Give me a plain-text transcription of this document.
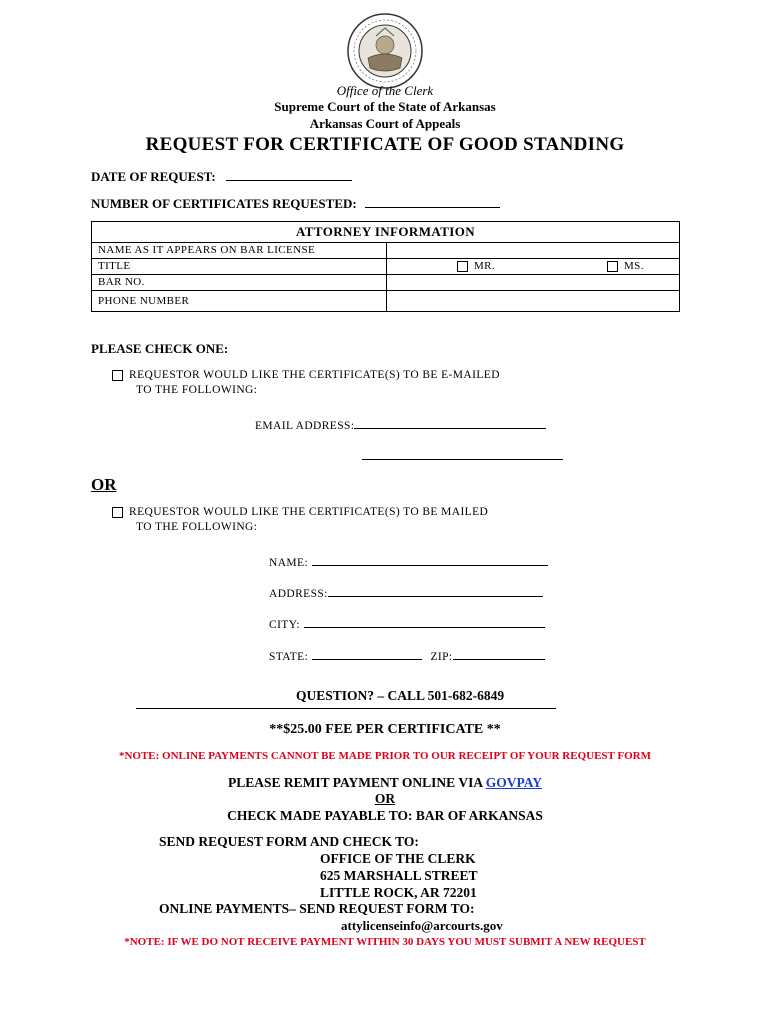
Office of the Clerk
Supreme Court of the State of Arkansas
Arkansas Court of Appeals
REQUEST FOR CERTIFICATE OF GOOD STANDING
DATE OF REQUEST:
NUMBER OF CERTIFICATES REQUESTED:
ATTORNEY INFORMATION	
NAME AS IT APPEARS ON BAR LICENSE	
TITLE	MR. MS.

BAR NO.	
PHONE NUMBER	
PLEASE CHECK ONE:
REQUESTOR WOULD LIKE THE CERTIFICATE(S) TO BE E-MAILED
TO THE FOLLOWING:
EMAIL ADDRESS:
OR
REQUESTOR WOULD LIKE THE CERTIFICATE(S) TO BE MAILED
TO THE FOLLOWING:
NAME:
ADDRESS:
CITY:
STATE:	ZIP:
QUESTION? – CALL 501-682-6849
**$25.00 FEE PER CERTIFICATE **
*NOTE: ONLINE PAYMENTS CANNOT BE MADE PRIOR TO OUR RECEIPT OF YOUR REQUEST FORM
PLEASE REMIT PAYMENT ONLINE VIA GOVPAY
OR
CHECK MADE PAYABLE TO: BAR OF ARKANSAS
SEND REQUEST FORM AND CHECK TO:
OFFICE OF THE CLERK
625 MARSHALL STREET
LITTLE ROCK, AR 72201
ONLINE PAYMENTS– SEND REQUEST FORM TO:
attylicenseinfo@arcourts.gov
*NOTE: IF WE DO NOT RECEIVE PAYMENT WITHIN 30 DAYS YOU MUST SUBMIT A NEW REQUEST
